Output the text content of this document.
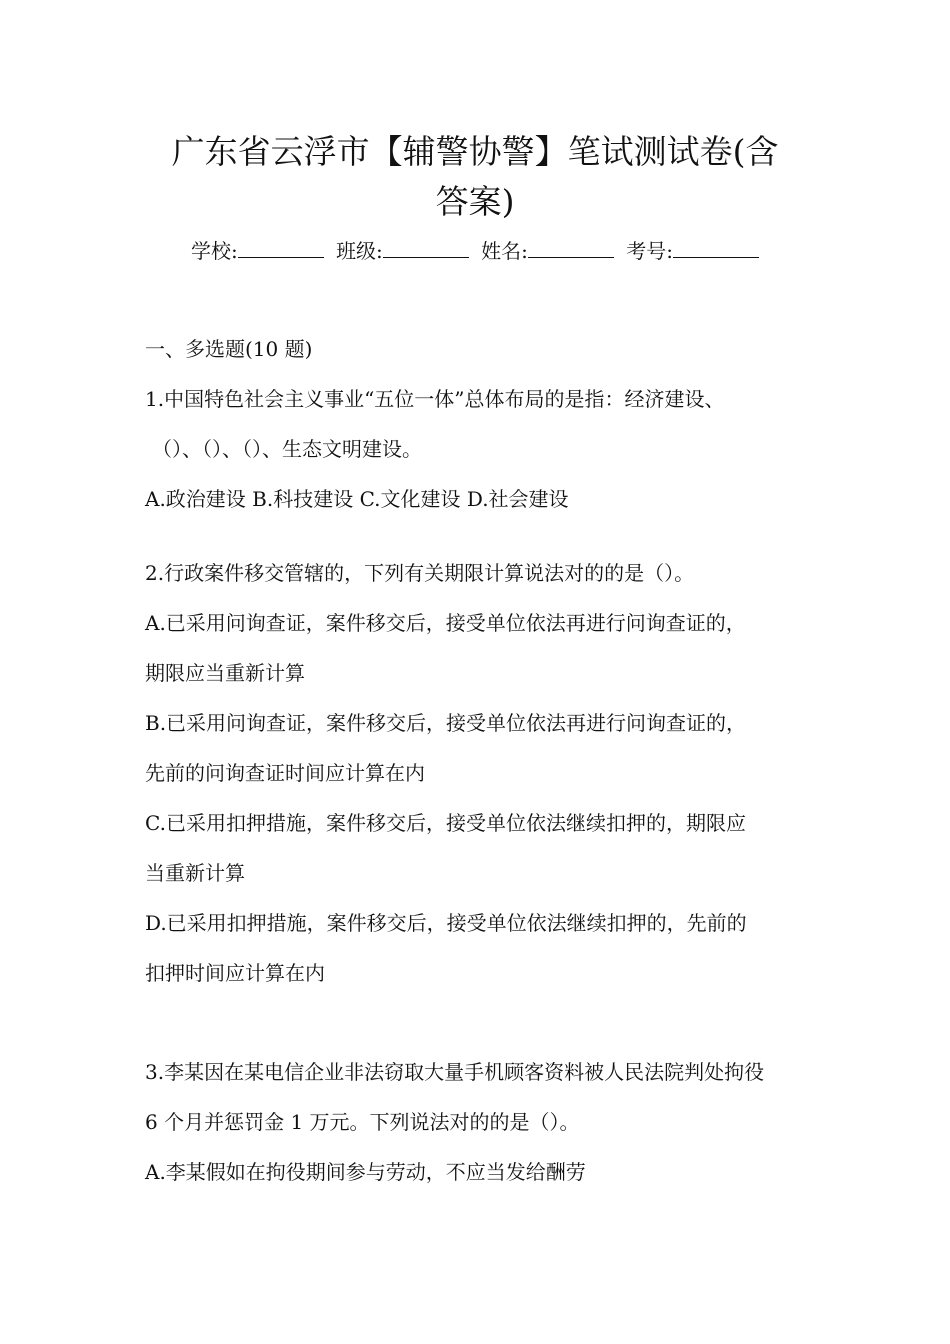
广东省云浮市【辅警协警】笔试测试卷(含
答案)
学校:	班级:	姓名:	考号:
一、多选题(10 题)
1.中国特色社会主义事业“五位一体”总体布局的是指：经济建设、
（）、（）、（）、生态文明建设。
A.政治建设 B.科技建设 C.文化建设 D.社会建设
2.行政案件移交管辖的，下列有关期限计算说法对的的是（）。
A.已采用问询查证，案件移交后，接受单位依法再进行问询查证的，
期限应当重新计算
B.已采用问询查证，案件移交后，接受单位依法再进行问询查证的，
先前的问询查证时间应计算在内
C.已采用扣押措施，案件移交后，接受单位依法继续扣押的，期限应
当重新计算
D.已采用扣押措施，案件移交后，接受单位依法继续扣押的，先前的
扣押时间应计算在内
3.李某因在某电信企业非法窃取大量手机顾客资料被人民法院判处拘役
6 个月并惩罚金 1 万元。下列说法对的的是（）。
A.李某假如在拘役期间参与劳动，不应当发给酬劳
